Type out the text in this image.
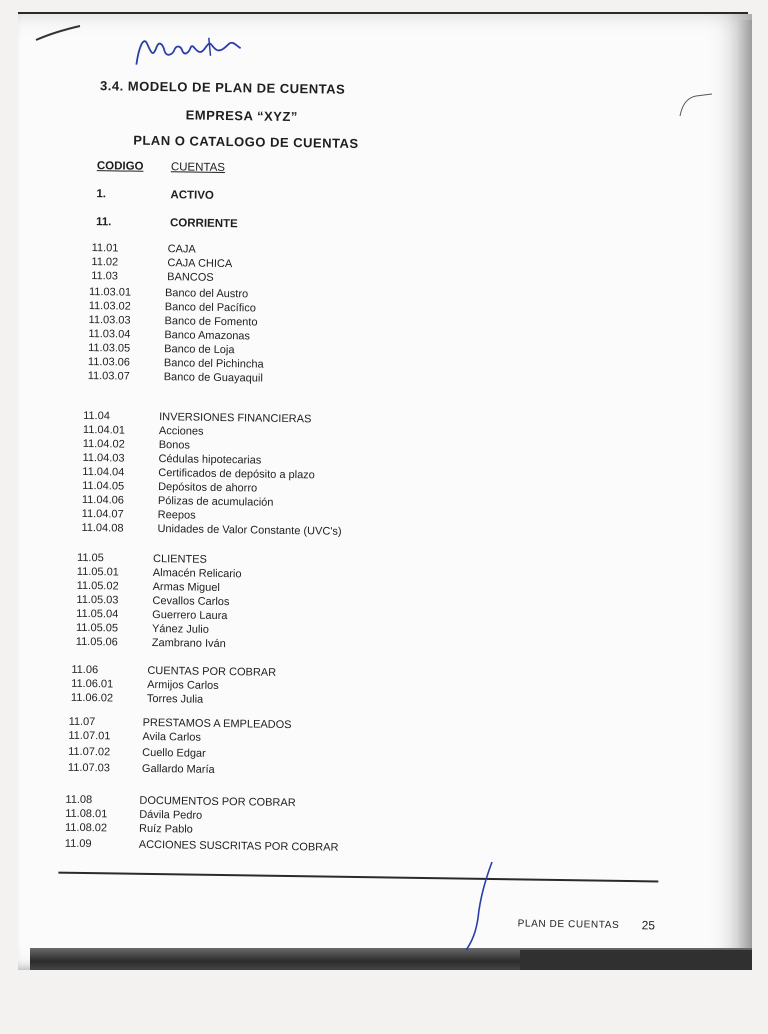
3.4. MODELO DE PLAN DE CUENTAS
EMPRESA “XYZ”
PLAN O CATALOGO DE CUENTAS
CODIGO CUENTAS
1.	ACTIVO
11.	CORRIENTE
11.01	CAJA
11.02	CAJA CHICA
11.03	BANCOS
11.03.01	Banco del Austro
11.03.02	Banco del Pacífico
11.03.03	Banco de Fomento
11.03.04	Banco Amazonas
11.03.05	Banco de Loja
11.03.06	Banco del Pichincha
11.03.07	Banco de Guayaquil
11.04	INVERSIONES FINANCIERAS
11.04.01	Acciones
11.04.02	Bonos
11.04.03	Cédulas hipotecarias
11.04.04	Certificados de depósito a plazo
11.04.05	Depósitos de ahorro
11.04.06	Pólizas de acumulación
11.04.07	Reepos
11.04.08	Unidades de Valor Constante (UVC's)
11.05	CLIENTES
11.05.01	Almacén Relicario
11.05.02	Armas Miguel
11.05.03	Cevallos Carlos
11.05.04	Guerrero Laura
11.05.05	Yánez Julio
11.05.06	Zambrano Iván
11.06	CUENTAS POR COBRAR
11.06.01	Armijos Carlos
11.06.02	Torres Julia
11.07	PRESTAMOS A EMPLEADOS
11.07.01	Avila Carlos
11.07.02	Cuello Edgar
11.07.03	Gallardo María
11.08	DOCUMENTOS POR COBRAR
11.08.01	Dávila Pedro
11.08.02	Ruíz Pablo
11.09	ACCIONES SUSCRITAS POR COBRAR
PLAN DE CUENTAS 25
